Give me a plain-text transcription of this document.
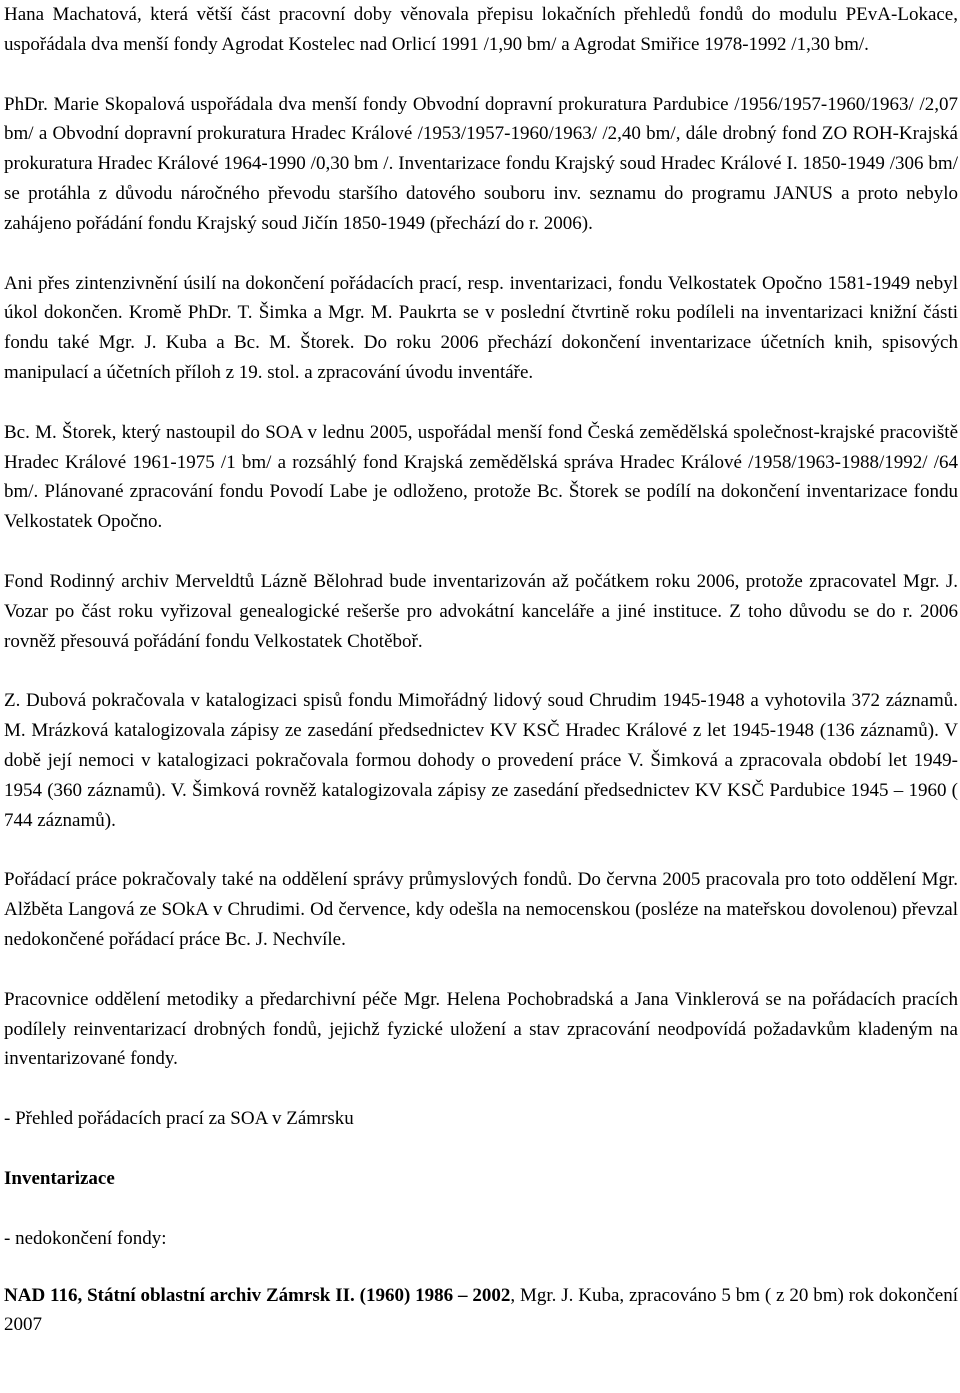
Hana Machatová, která větší část pracovní doby věnovala přepisu lokačních přehledů fondů do modulu PEvA-Lokace, uspořádala dva menší fondy Agrodat Kostelec nad Orlicí 1991 /1,90 bm/ a Agrodat Smiřice 1978-1992 /1,30 bm/.

PhDr. Marie Skopalová uspořádala dva menší fondy Obvodní dopravní prokuratura Pardubice /1956/1957-1960/1963/ /2,07 bm/ a Obvodní dopravní prokuratura Hradec Králové /1953/1957-1960/1963/ /2,40 bm/, dále drobný fond ZO ROH-Krajská prokuratura Hradec Králové 1964-1990 /0,30 bm /. Inventarizace fondu Krajský soud Hradec Králové I. 1850-1949 /306 bm/ se protáhla z důvodu náročného převodu staršího datového souboru inv. seznamu do programu JANUS a proto nebylo zahájeno pořádání fondu Krajský soud Jičín 1850-1949 (přechází do r. 2006).

Ani přes zintenzivnění úsilí na dokončení pořádacích prací, resp. inventarizaci, fondu Velkostatek Opočno 1581-1949 nebyl úkol dokončen. Kromě PhDr. T. Šimka a Mgr. M. Paukrta se v poslední čtvrtině roku podíleli na inventarizaci knižní části fondu také Mgr. J. Kuba a Bc. M. Štorek. Do roku 2006 přechází dokončení inventarizace účetních knih, spisových manipulací a účetních příloh z 19. stol. a zpracování úvodu inventáře.

Bc. M. Štorek, který nastoupil do SOA v lednu 2005, uspořádal menší fond Česká zemědělská společnost-krajské pracoviště Hradec Králové 1961-1975 /1 bm/ a rozsáhlý fond Krajská zemědělská správa Hradec Králové /1958/1963-1988/1992/ /64 bm/. Plánované zpracování fondu Povodí Labe je odloženo, protože Bc. Štorek se podílí na dokončení inventarizace fondu Velkostatek Opočno.

Fond Rodinný archiv Merveldtů Lázně Bělohrad bude inventarizován až počátkem roku 2006, protože zpracovatel Mgr. J. Vozar po část roku vyřizoval genealogické rešerše pro advokátní kanceláře a jiné instituce. Z toho důvodu se do r. 2006 rovněž přesouvá pořádání fondu Velkostatek Chotěboř.

Z. Dubová pokračovala v katalogizaci spisů fondu Mimořádný lidový soud Chrudim 1945-1948 a vyhotovila 372 záznamů. M. Mrázková katalogizovala zápisy ze zasedání předsednictev KV KSČ Hradec Králové z let 1945-1948 (136 záznamů). V době její nemoci v katalogizaci pokračovala formou dohody o provedení práce V. Šimková a zpracovala období let 1949-1954 (360 záznamů). V. Šimková rovněž katalogizovala zápisy ze zasedání předsednictev KV KSČ Pardubice 1945 – 1960 ( 744 záznamů).

Pořádací práce pokračovaly také na oddělení správy průmyslových fondů. Do června 2005 pracovala pro toto oddělení Mgr. Alžběta Langová ze SOkA v Chrudimi. Od července, kdy odešla na nemocenskou (posléze na mateřskou dovolenou) převzal nedokončené pořádací práce Bc. J. Nechvíle.

Pracovnice oddělení metodiky a předarchivní péče Mgr. Helena Pochobradská a Jana Vinklerová se na pořádacích pracích podílely reinventarizací drobných fondů, jejichž fyzické uložení a stav zpracování neodpovídá požadavkům kladeným na inventarizované fondy.

- Přehled pořádacích prací za SOA v Zámrsku

Inventarizace

- nedokončení fondy:

NAD 116, Státní oblastní archiv Zámrsk II. (1960) 1986 – 2002, Mgr. J. Kuba, zpracováno 5 bm ( z 20 bm) rok dokončení 2007
